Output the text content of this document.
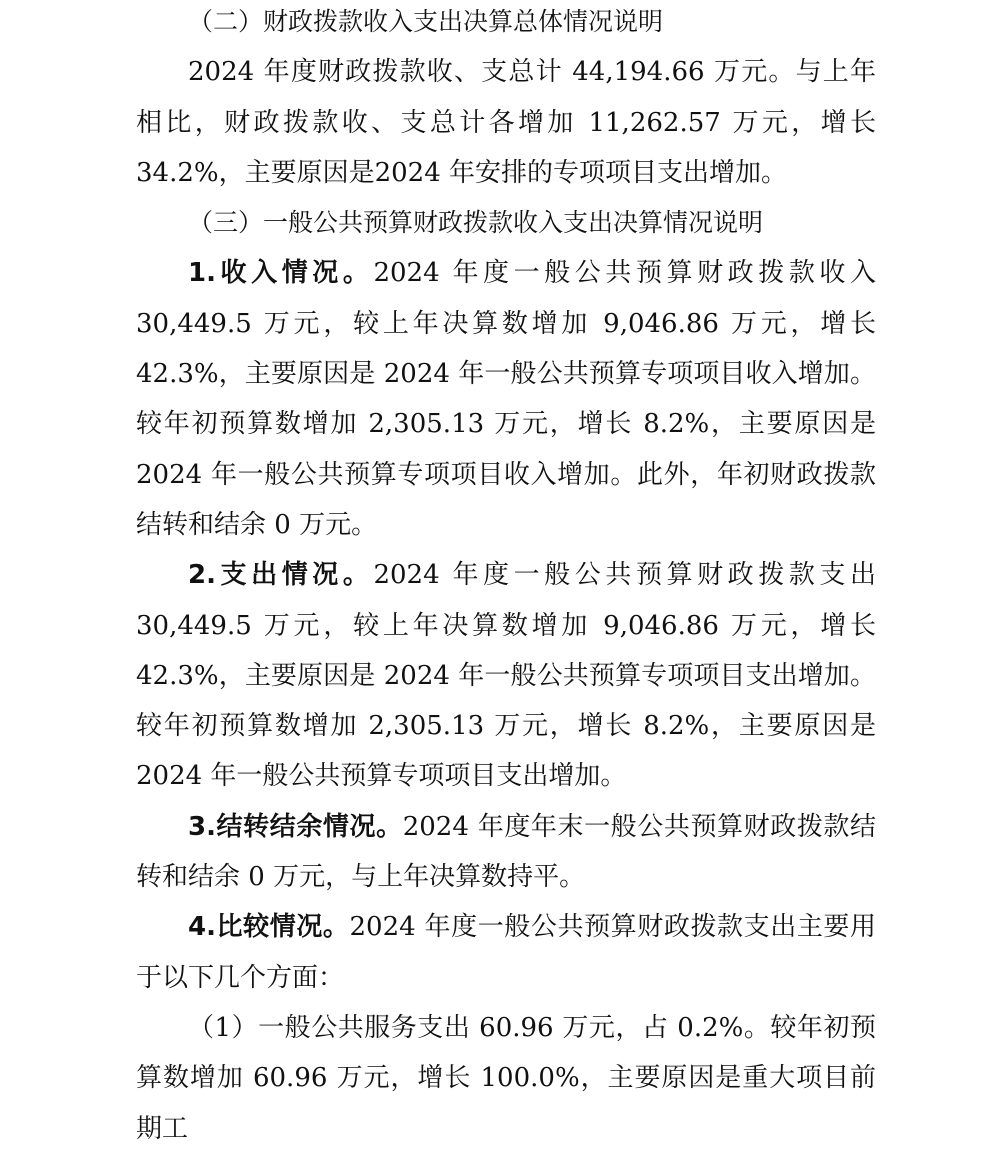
（二）财政拨款收入支出决算总体情况说明

2024 年度财政拨款收、支总计 44,194.66 万元。与上年相比，财政拨款收、支总计各增加 11,262.57 万元，增长 34.2%，主要原因是2024 年安排的专项项目支出增加。

（三）一般公共预算财政拨款收入支出决算情况说明

1.收入情况。2024 年度一般公共预算财政拨款收入 30,449.5 万元，较上年决算数增加 9,046.86 万元，增长 42.3%，主要原因是 2024 年一般公共预算专项项目收入增加。较年初预算数增加 2,305.13 万元，增长 8.2%，主要原因是 2024 年一般公共预算专项项目收入增加。此外，年初财政拨款结转和结余 0 万元。

2.支出情况。2024 年度一般公共预算财政拨款支出 30,449.5 万元，较上年决算数增加 9,046.86 万元，增长 42.3%，主要原因是 2024 年一般公共预算专项项目支出增加。较年初预算数增加 2,305.13 万元，增长 8.2%，主要原因是 2024 年一般公共预算专项项目支出增加。

3.结转结余情况。2024 年度年末一般公共预算财政拨款结转和结余 0 万元，与上年决算数持平。

4.比较情况。2024 年度一般公共预算财政拨款支出主要用于以下几个方面：

（1）一般公共服务支出 60.96 万元，占 0.2%。较年初预算数增加 60.96 万元，增长 100.0%，主要原因是重大项目前期工
